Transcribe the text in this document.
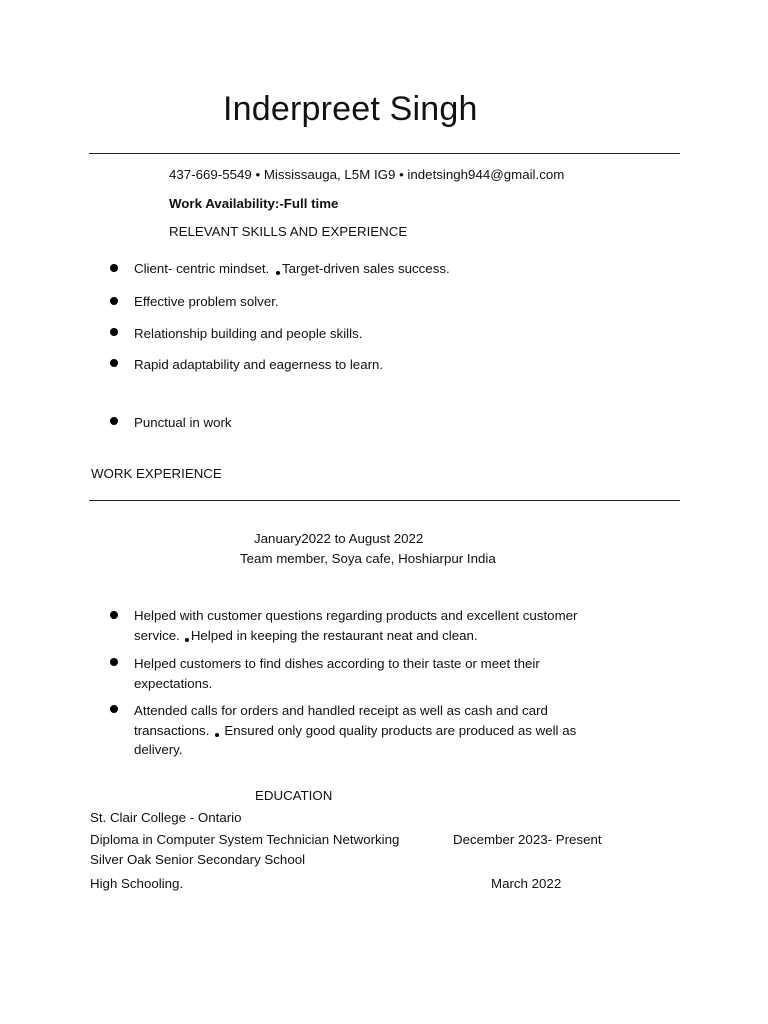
Inderpreet Singh
437-669-5549 • Mississauga, L5M IG9 • indetsingh944@gmail.com
Work Availability:-Full time
RELEVANT SKILLS AND EXPERIENCE
Client- centric mindset. Target-driven sales success.
Effective problem solver.
Relationship building and people skills.
Rapid adaptability and eagerness to learn.
Punctual in work
WORK EXPERIENCE
January2022 to August 2022
Team member, Soya cafe, Hoshiarpur India
Helped with customer questions regarding products and excellent customer service. Helped in keeping the restaurant neat and clean.
Helped customers to find dishes according to their taste or meet their expectations.
Attended calls for orders and handled receipt as well as cash and card transactions. Ensured only good quality products are produced as well as delivery.
EDUCATION
St. Clair College - Ontario
Diploma in Computer System Technician Networking	December 2023- Present
Silver Oak Senior Secondary School
High Schooling.	March 2022
